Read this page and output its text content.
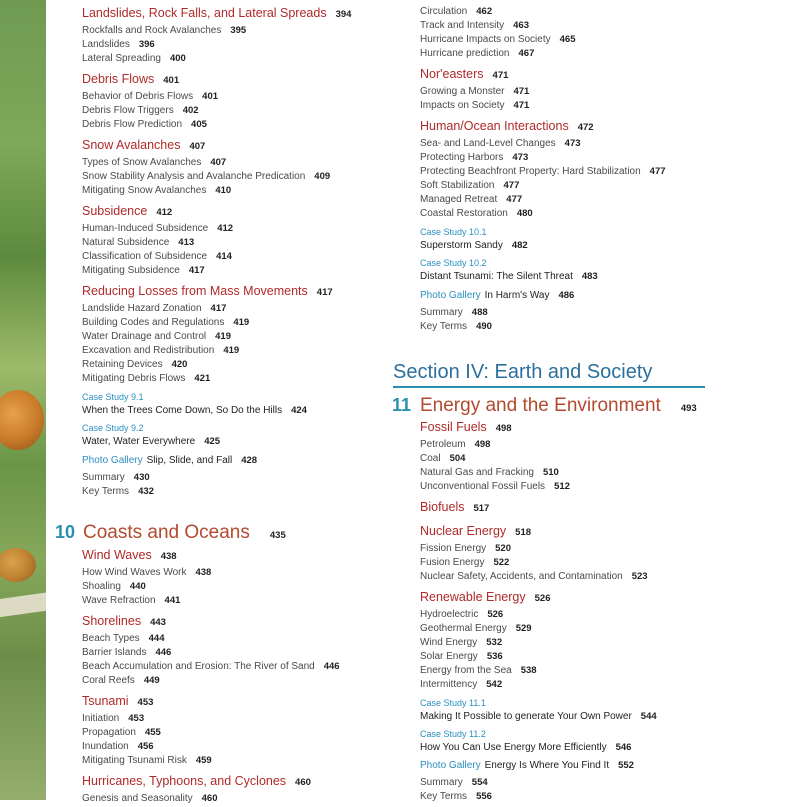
Landslides, Rock Falls, and Lateral Spreads 394
Rockfalls and Rock Avalanches 395
Landslides 396
Lateral Spreading 400
Debris Flows 401
Behavior of Debris Flows 401
Debris Flow Triggers 402
Debris Flow Prediction 405
Snow Avalanches 407
Types of Snow Avalanches 407
Snow Stability Analysis and Avalanche Predication 409
Mitigating Snow Avalanches 410
Subsidence 412
Human-Induced Subsidence 412
Natural Subsidence 413
Classification of Subsidence 414
Mitigating Subsidence 417
Reducing Losses from Mass Movements 417
Landslide Hazard Zonation 417
Building Codes and Regulations 419
Water Drainage and Control 419
Excavation and Redistribution 419
Retaining Devices 420
Mitigating Debris Flows 421
Case Study 9.1
When the Trees Come Down, So Do the Hills 424
Case Study 9.2
Water, Water Everywhere 425
Photo Gallery Slip, Slide, and Fall 428
Summary 430
Key Terms 432
Wind Waves 438
How Wind Waves Work 438
Shoaling 440
Wave Refraction 441
Shorelines 443
Beach Types 444
Barrier Islands 446
Beach Accumulation and Erosion: The River of Sand 446
Coral Reefs 449
Tsunami 453
Initiation 453
Propagation 455
Inundation 456
Mitigating Tsunami Risk 459
Hurricanes, Typhoons, and Cyclones 460
Genesis and Seasonality 460
10 Coasts and Oceans 435
Circulation 462
Track and Intensity 463
Hurricane Impacts on Society 465
Hurricane prediction 467
Nor'easters 471
Growing a Monster 471
Impacts on Society 471
Human/Ocean Interactions 472
Sea- and Land-Level Changes 473
Protecting Harbors 473
Protecting Beachfront Property: Hard Stabilization 477
Soft Stabilization 477
Managed Retreat 477
Coastal Restoration 480
Case Study 10.1
Superstorm Sandy 482
Case Study 10.2
Distant Tsunami: The Silent Threat 483
Photo Gallery In Harm's Way 486
Summary 488
Key Terms 490
Fossil Fuels 498
Petroleum 498
Coal 504
Natural Gas and Fracking 510
Unconventional Fossil Fuels 512
Biofuels 517
Nuclear Energy 518
Fission Energy 520
Fusion Energy 522
Nuclear Safety, Accidents, and Contamination 523
Renewable Energy 526
Hydroelectric 526
Geothermal Energy 529
Wind Energy 532
Solar Energy 536
Energy from the Sea 538
Intermittency 542
Case Study 11.1
Making It Possible to generate Your Own Power 544
Case Study 11.2
How You Can Use Energy More Efficiently 546
Photo Gallery Energy Is Where You Find It 552
Summary 554
Key Terms 556
Section IV: Earth and Society
11 Energy and the Environment 493
